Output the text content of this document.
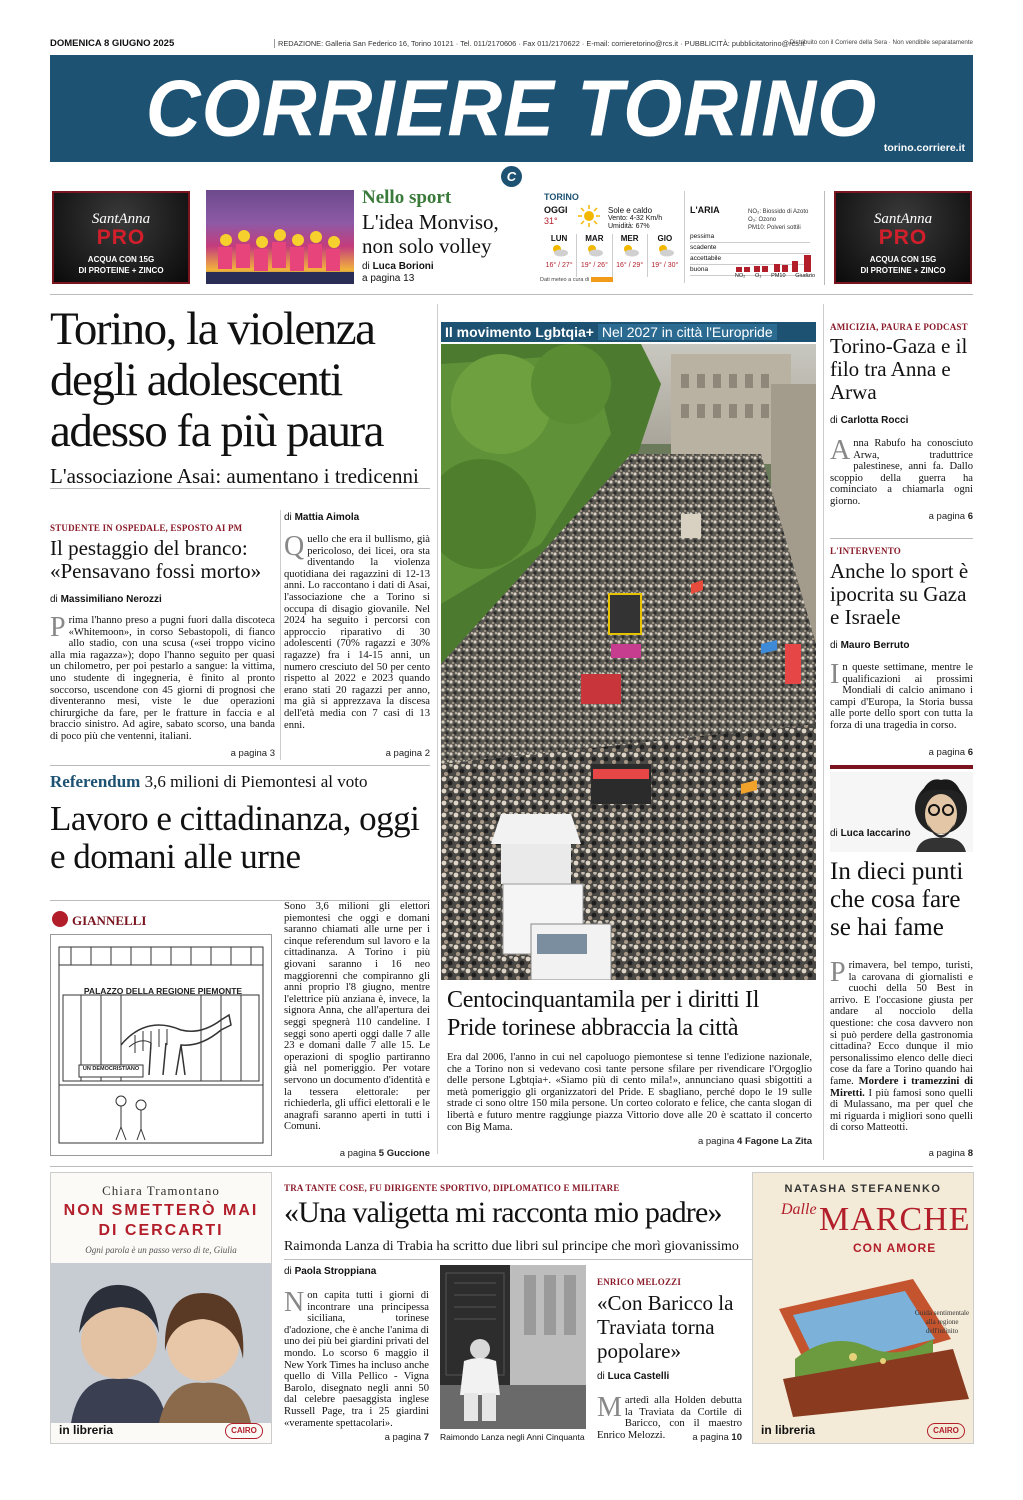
DOMENICA 8 GIUGNO 2025	REDAZIONE: Galleria San Federico 16, Torino 10121 · Tel. 011/2170606 · Fax 011/2170622 · E-mail: corrieretorino@rcs.it · PUBBLICITÀ: pubblicitatorino@rcs.it
Distribuito con il Corriere della Sera · Non vendibile separatamente
CORRIERE TORINO torino.corriere.it
C
SantAnna
PRO
ACQUA CON 15G
DI PROTEINE + ZINCO
SantAnna
PRO
ACQUA CON 15G
DI PROTEINE + ZINCO
Nello sport
L'idea Monviso, non solo volley
di Luca Borioni
a pagina 13
TORINO
OGGI
31°
Sole e caldo
Vento: 4-32 Km/h
Umidità: 67%
LUN
16° / 27°
MAR
19° / 26°
MER
16° / 29°
GIO
19° / 30°
Dati meteo a cura di
L'ARIA	NO₂: Biossido di Azoto
O₃: Ozono
PM10: Polveri sottili
pessima
scadente
accettabile
buona
NO₂ O₃ PM10 Giudizio
Torino, la violenza degli adolescenti adesso fa più paura
L'associazione Asai: aumentano i tredicenni
STUDENTE IN OSPEDALE, ESPOSTO AI PM
Il pestaggio del branco: «Pensavano fossi morto»
di Massimiliano Nerozzi
Prima l'hanno preso a pugni fuori dalla discoteca «Whitemoon», in corso Sebastopoli, di fianco allo stadio, con una scusa («sei troppo vicino alla mia ragazza»); dopo l'hanno seguito per quasi un chilometro, per poi pestarlo a sangue: la vittima, uno studente di ingegneria, è finito al pronto soccorso, uscendone con 45 giorni di prognosi che diventeranno mesi, viste le due operazioni chirurgiche da fare, per le fratture in faccia e al braccio sinistro. Ad agire, sabato scorso, una banda di poco più che ventenni, italiani.
a pagina 3
di Mattia Aimola
Quello che era il bullismo, già pericoloso, dei licei, ora sta diventando la violenza quotidiana dei ragazzini di 12-13 anni. Lo raccontano i dati di Asai, l'associazione che a Torino si occupa di disagio giovanile. Nel 2024 ha seguito i percorsi con approccio riparativo di 30 adolescenti (70% ragazzi e 30% ragazze) fra i 14-15 anni, un numero cresciuto del 50 per cento rispetto al 2022 e 2023 quando erano stati 20 ragazzi per anno, ma già si apprezzava la discesa dell'età media con 7 casi di 13 enni.
a pagina 2
Referendum 3,6 milioni di Piemontesi al voto
Lavoro e cittadinanza, oggi e domani alle urne
GIANNELLI
PALAZZO DELLA REGIONE PIEMONTE
UN DEMOCRISTIANO
Sono 3,6 milioni gli elettori piemontesi che oggi e domani saranno chiamati alle urne per i cinque referendum sul lavoro e la cittadinanza. A Torino i più giovani saranno i 16 neo maggiorenni che compiranno gli anni proprio l'8 giugno, mentre l'elettrice più anziana è, invece, la signora Anna, che all'apertura dei seggi spegnerà 110 candeline. I seggi sono aperti oggi dalle 7 alle 23 e domani dalle 7 alle 15. Le operazioni di spoglio partiranno già nel pomeriggio. Per votare servono un documento d'identità e la tessera elettorale: per richiederla, gli uffici elettorali e le anagrafi saranno aperti in tutti i Comuni.
a pagina 5 Guccione
Il movimento Lgbtqia+ Nel 2027 in città l'Europride
Centocinquantamila per i diritti Il Pride torinese abbraccia la città
Era dal 2006, l'anno in cui nel capoluogo piemontese si tenne l'edizione nazionale, che a Torino non si vedevano così tante persone sfilare per rivendicare l'Orgoglio delle persone Lgbtqia+. «Siamo più di cento mila!», annunciano quasi sbigottiti a metà pomeriggio gli organizzatori del Pride. E sbagliano, perché dopo le 19 sulle strade ci sono oltre 150 mila persone. Un corteo colorato e felice, che canta slogan di libertà e futuro mentre raggiunge piazza Vittorio dove alle 20 è scattato il concerto con Big Mama.
a pagina 4 Fagone La Zita
AMICIZIA, PAURA E PODCAST
Torino-Gaza e il filo tra Anna e Arwa
di Carlotta Rocci
Anna Rabufo ha conosciuto Arwa, traduttrice palestinese, anni fa. Dallo scoppio della guerra ha cominciato a chiamarla ogni giorno.
a pagina 6
L'INTERVENTO
Anche lo sport è ipocrita su Gaza e Israele
di Mauro Berruto
In queste settimane, mentre le qualificazioni ai prossimi Mondiali di calcio animano i campi d'Europa, la Storia bussa alle porte dello sport con tutta la forza di una tragedia in corso.
a pagina 6
di Luca Iaccarino
In dieci punti che cosa fare se hai fame
Primavera, bel tempo, turisti, la carovana di giornalisti e cuochi della 50 Best in arrivo. E l'occasione giusta per andare al nocciolo della questione: che cosa davvero non si può perdere della gastronomia cittadina? Ecco dunque il mio personalissimo elenco delle dieci cose da fare a Torino quando hai fame. Mordere i tramezzini di Miretti. I più famosi sono quelli di Mulassano, ma per quel che mi riguarda i migliori sono quelli di corso Matteotti.
a pagina 8
Chiara Tramontano
NON SMETTERÒ MAI DI CERCARTI
Ogni parola è un passo verso di te, Giulia
in libreria	CAIRO
TRA TANTE COSE, FU DIRIGENTE SPORTIVO, DIPLOMATICO E MILITARE
«Una valigetta mi racconta mio padre»
Raimonda Lanza di Trabia ha scritto due libri sul principe che morì giovanissimo
di Paola Stroppiana
Non capita tutti i giorni di incontrare una principessa siciliana, torinese d'adozione, che è anche l'anima di uno dei più bei giardini privati del mondo. Lo scorso 6 maggio il New York Times ha incluso anche quello di Villa Pellico - Vigna Barolo, disegnato negli anni 50 dal celebre paesaggista inglese Russell Page, tra i 25 giardini «veramente spettacolari».
a pagina 7 Raimondo Lanza negli Anni Cinquanta
ENRICO MELOZZI
«Con Baricco la Traviata torna popolare»
di Luca Castelli
Martedì alla Holden debutta la Traviata da Cortile di Baricco, con il maestro Enrico Melozzi.	a pagina 10
NATASHA STEFANENKO
Dalle MARCHE
CON AMORE
Guida sentimentale alla regione dell'infinito
in libreria	CAIRO
